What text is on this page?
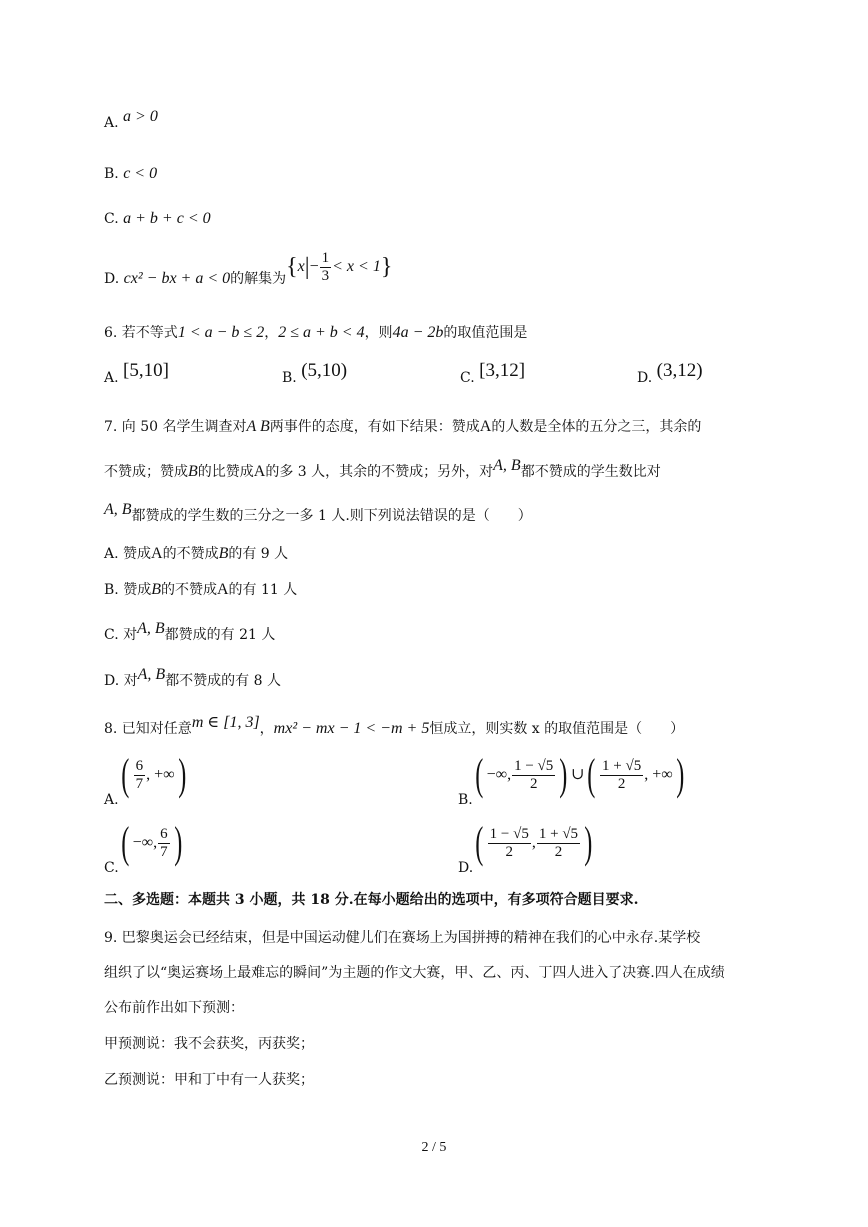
A. a > 0
B. c < 0
C. a + b + c < 0
D. cx² − bx + a < 0的解集为$\{x|- \frac{1}{3} < x < 1\}$
6. 若不等式1 < a − b ≤ 2，2 ≤ a + b < 4，则4a − 2b的取值范围是
A. [5,10]	B. (5,10)	C. [3,12]	D. (3,12)
7. 向 50 名学生调查对A B两事件的态度，有如下结果：赞成A的人数是全体的五分之三，其余的
不赞成；赞成B的比赞成A的多 3 人，其余的不赞成；另外，对A, B都不赞成的学生数比对
A, B都赞成的学生数的三分之一多 1 人.则下列说法错误的是（　　）
A. 赞成A的不赞成B的有 9 人
B. 赞成B的不赞成A的有 11 人
C. 对A, B都赞成的有 21 人
D. 对A, B都不赞成的有 8 人
8. 已知对任意m ∈ [1, 3]，mx² − mx − 1 < −m + 5恒成立，则实数 x 的取值范围是（　　）
A.
( $\frac{6}{7}$ , +∞)
B.
( −∞, $\frac{1 - √5}{2}$ ) ∪( $\frac{1 + √5}{2}$ , +∞)
C.
( −∞, $\frac{6}{7}$ )
D.
( $\frac{1 - √5}{2}$ , $\frac{1 + √5}{2}$ )
二、多选题：本题共 3 小题，共 18 分.在每小题给出的选项中，有多项符合题目要求.
9. 巴黎奥运会已经结束，但是中国运动健儿们在赛场上为国拼搏的精神在我们的心中永存.某学校
组织了以“奥运赛场上最难忘的瞬间”为主题的作文大赛，甲、乙、丙、丁四人进入了决赛.四人在成绩
公布前作出如下预测：
甲预测说：我不会获奖，丙获奖；
乙预测说：甲和丁中有一人获奖；
2 / 5
